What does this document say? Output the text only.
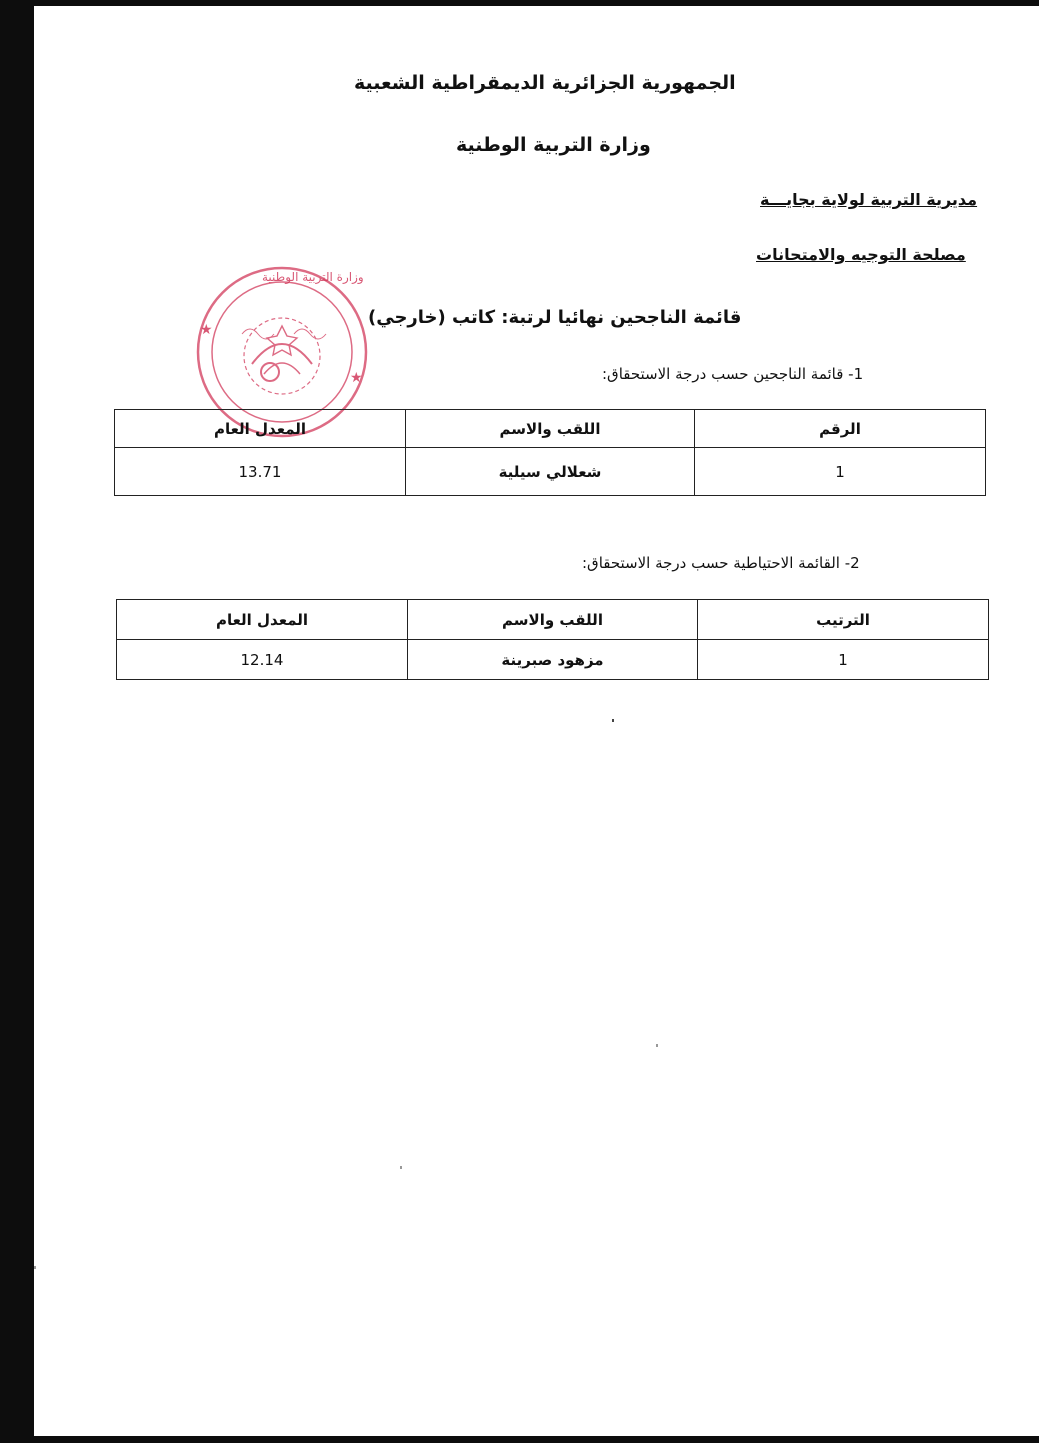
الجمهورية الجزائرية الديمقراطية الشعبية
وزارة التربية الوطنية
مديرية التربية لولاية بجايـــة
مصلحة التوجيه والامتحانات
★
★
وزارة التربية الوطنية
قائمة الناجحين نهائيا لرتبة: كاتب (خارجي)
1- قائمة الناجحين حسب درجة الاستحقاق:
الرقم	اللقب والاسم	المعدل العام
1	شعلالي سيلية	13.71
2- القائمة الاحتياطية حسب درجة الاستحقاق:
الترتيب	اللقب والاسم	المعدل العام
1	مزهود صبرينة	12.14
